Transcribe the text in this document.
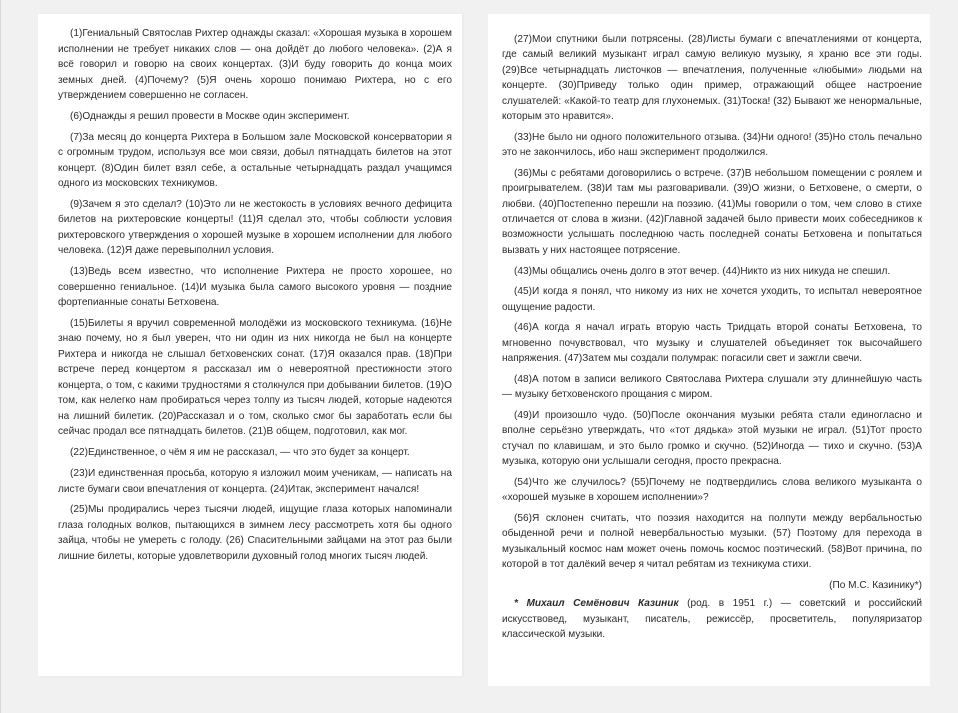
(1)Гениальный Святослав Рихтер однажды сказал: «Хорошая музыка в хорошем исполнении не требует никаких слов — она дойдёт до любого человека». (2)А я всё говорил и говорю на своих концертах. (3)И буду говорить до конца моих земных дней. (4)Почему? (5)Я очень хорошо понимаю Рихтера, но с его утверждением совершенно не согласен.

(6)Однажды я решил провести в Москве один эксперимент.

(7)За месяц до концерта Рихтера в Большом зале Московской консерватории я с огромным трудом, используя все мои связи, добыл пятнадцать билетов на этот концерт. (8)Один билет взял себе, а остальные четырнадцать раздал учащимся одного из московских техникумов.

(9)Зачем я это сделал? (10)Это ли не жестокость в условиях вечного дефицита билетов на рихтеровские концерты! (11)Я сделал это, чтобы соблюсти условия рихтеровского утверждения о хорошей музыке в хорошем исполнении для любого человека. (12)Я даже перевыполнил условия.

(13)Ведь всем известно, что исполнение Рихтера не просто хорошее, но совершенно гениальное. (14)И музыка была самого высокого уровня — поздние фортепианные сонаты Бетховена.

(15)Билеты я вручил современной молодёжи из московского техникума. (16)Не знаю почему, но я был уверен, что ни один из них никогда не был на концерте Рихтера и никогда не слышал бетховенских сонат. (17)Я оказался прав. (18)При встрече перед концертом я рассказал им о невероятной престижности этого концерта, о том, с какими трудностями я столкнулся при добывании билетов. (19)О том, как нелегко нам пробираться через толпу из тысяч людей, которые надеются на лишний билетик. (20)Рассказал и о том, сколько смог бы заработать если бы сейчас продал все пятнадцать билетов. (21)В общем, подготовил, как мог.

(22)Единственное, о чём я им не рассказал, — что это будет за концерт.

(23)И единственная просьба, которую я изложил моим ученикам, — написать на листе бумаги свои впечатления от концерта. (24)Итак, эксперимент начался!

(25)Мы продирались через тысячи людей, ищущие глаза которых напоминали глаза голодных волков, пытающихся в зимнем лесу рассмотреть хотя бы одного зайца, чтобы не умереть с голоду. (26) Спасительными зайцами на этот раз были лишние билеты, которые удовлетворили духовный голод многих тысяч людей.

(27)Мои спутники были потрясены. (28)Листы бумаги с впечатлениями от концерта, где самый великий музыкант играл самую великую музыку, я храню все эти годы. (29)Все четырнадцать листочков — впечатления, полученные «любыми» людьми на концерте. (30)Приведу только один пример, отражающий общее настроение слушателей: «Какой-то театр для глухонемых. (31)Тоска! (32) Бывают же ненормальные, которым это нравится».

(33)Не было ни одного положительного отзыва. (34)Ни одного! (35)Но столь печально это не закончилось, ибо наш эксперимент продолжился.

(36)Мы с ребятами договорились о встрече. (37)В небольшом помещении с роялем и проигрывателем. (38)И там мы разговаривали. (39)О жизни, о Бетховене, о смерти, о любви. (40)Постепенно перешли на поэзию. (41)Мы говорили о том, чем слово в стихе отличается от слова в жизни. (42)Главной задачей было привести моих собеседников к возможности услышать последнюю часть последней сонаты Бетховена и попытаться вызвать у них настоящее потрясение.

(43)Мы общались очень долго в этот вечер. (44)Никто из них никуда не спешил.

(45)И когда я понял, что никому из них не хочется уходить, то испытал невероятное ощущение радости.

(46)А когда я начал играть вторую часть Тридцать второй сонаты Бетховена, то мгновенно почувствовал, что музыку и слушателей объединяет ток высочайшего напряжения. (47)Затем мы создали полумрак: погасили свет и зажгли свечи.

(48)А потом в записи великого Святослава Рихтера слушали эту длиннейшую часть — музыку бетховенского прощания с миром.

(49)И произошло чудо. (50)После окончания музыки ребята стали единогласно и вполне серьёзно утверждать, что «тот дядька» этой музыки не играл. (51)Тот просто стучал по клавишам, и это было громко и скучно. (52)Иногда — тихо и скучно. (53)А музыка, которую они услышали сегодня, просто прекрасна.

(54)Что же случилось? (55)Почему не подтвердились слова великого музыканта о «хорошей музыке в хорошем исполнении»?

(56)Я склонен считать, что поэзия находится на полпути между вербальностью обыденной речи и полной невербальностью музыки. (57) Поэтому для перехода в музыкальный космос нам может очень помочь космос поэтический. (58)Вот причина, по которой в тот далёкий вечер я читал ребятам из техникума стихи.

(По М.С. Казинику*)

* Михаил Семёнович Казиник (род. в 1951 г.) — советский и российский искусствовед, музыкант, писатель, режиссёр, просветитель, популяризатор классической музыки.
